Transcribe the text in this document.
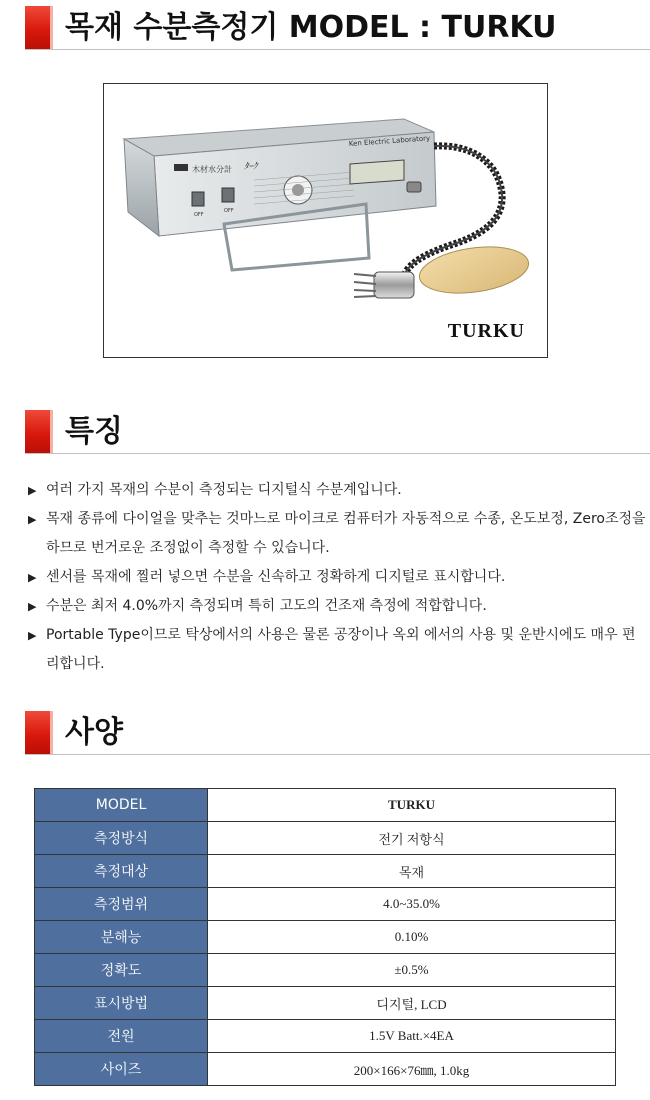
목재 수분측정기 MODEL : TURKU
木材水分計 ﾀｰｸ
OFF
OFF
Ken Electric Laboratory
TURKU
특징
▶ 여러 가지 목재의 수분이 측정되는 디지털식 수분계입니다.
▶ 목재 종류에 다이얼을 맞추는 것마느로 마이크로 컴퓨터가 자동적으로 수종, 온도보정, Zero조정을 하므로 번거로운 조정없이 측정할 수 있습니다.
▶ 센서를 목재에 찔러 넣으면 수분을 신속하고 정확하게 디지털로 표시합니다.
▶ 수분은 최저 4.0%까지 측정되며 특히 고도의 건조재 측정에 적합합니다.
▶ Portable Type이므로 탁상에서의 사용은 물론 공장이나 옥외 에서의 사용 및 운반시에도 매우 편리합니다.
사양
MODEL	TURKU
측정방식	전기 저항식
측정대상	목재
측정범위	4.0~35.0%
분해능	0.10%
정확도	±0.5%
표시방법	디지털, LCD
전원	1.5V Batt.×4EA
사이즈	200×166×76㎜, 1.0kg
